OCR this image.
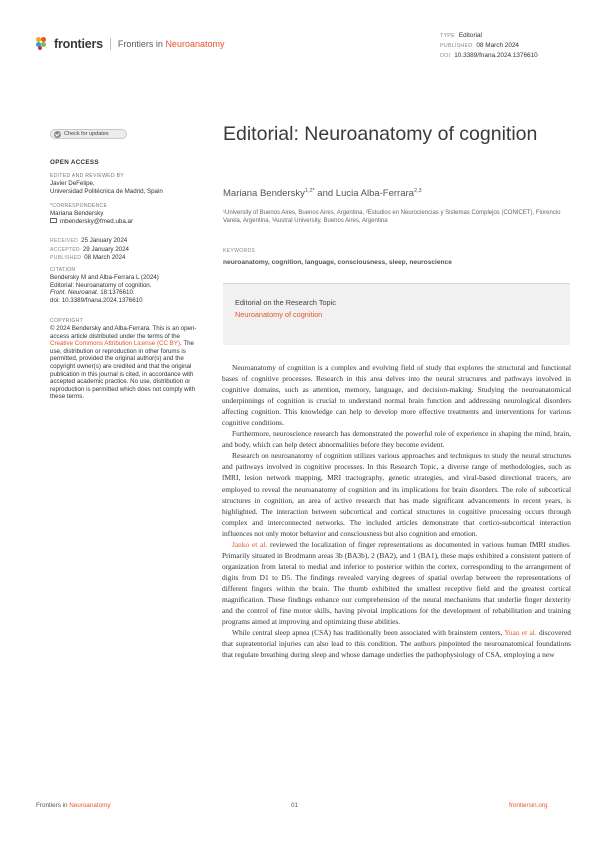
frontiers Frontiers in Neuroanatomy
TYPE Editorial
PUBLISHED 08 March 2024
DOI 10.3389/fnana.2024.1376610
Check for updates
OPEN ACCESS
EDITED AND REVIEWED BY
Javier DeFelipe,
Universidad Politécnica de Madrid, Spain
*CORRESPONDENCE
Mariana Bendersky
mbendersky@fmed.uba.ar
RECEIVED 25 January 2024
ACCEPTED 29 January 2024
PUBLISHED 08 March 2024
CITATION
Bendersky M and Alba-Ferrara L (2024)
Editorial: Neuroanatomy of cognition.
Front. Neuroanat. 18:1376610.
doi: 10.3389/fnana.2024.1376610
COPYRIGHT
© 2024 Bendersky and Alba-Ferrara. This is an open-access article distributed under the terms of the Creative Commons Attribution License (CC BY). The use, distribution or reproduction in other forums is permitted, provided the original author(s) and the copyright owner(s) are credited and that the original publication in this journal is cited, in accordance with accepted academic practice. No use, distribution or reproduction is permitted which does not comply with these terms.
Editorial: Neuroanatomy of cognition
Mariana Bendersky$^{1,2*}$ and Lucia Alba-Ferrara$^{2,3}$
¹University of Buenos Aires, Buenos Aires, Argentina, ²Estudios en Neurociencias y Sistemas Complejos (CONICET), Florencio Varela, Argentina, ³Austral University, Buenos Aires, Argentina
KEYWORDS
neuroanatomy, cognition, language, consciousness, sleep, neuroscience
Editorial on the Research Topic
Neuroanatomy of cognition

Neuroanatomy of cognition is a complex and evolving field of study that explores the structural and functional bases of cognitive processes. Research in this area delves into the neural structures and pathways involved in cognitive domains, such as attention, memory, language, and decision-making. Studying the neuroanatomical underpinnings of cognition is crucial to understand normal brain function and addressing neurological disorders affecting cognition. This knowledge can help to develop more effective treatments and interventions for various cognitive conditions.

Furthermore, neuroscience research has demonstrated the powerful role of experience in shaping the mind, brain, and body, which can help detect abnormalities before they become evident.

Research on neuroanatomy of cognition utilizes various approaches and techniques to study the neural structures and pathways involved in cognitive processes. In this Research Topic, a diverse range of methodologies, such as fMRI, lesion network mapping, MRI tractography, genetic strategies, and viral-based directional tracers, are employed to reveal the neuroanatomy of cognition and its implications for brain disorders. The role of subcortical structures in cognition, an area of active research that has made significant advancements in recent years, is highlighted. The interaction between subcortical and cortical structures in cognitive processing occurs through complex and interconnected networks. The included articles demonstrate that cortico-subcortical interaction influences not only motor behavior and consciousness but also cognition and emotion.

Janko et al. reviewed the localization of finger representations as documented in various human fMRI studies. Primarily situated in Brodmann areas 3b (BA3b), 2 (BA2), and 1 (BA1), these maps exhibited a consistent pattern of organization from lateral to medial and inferior to posterior within the cortex, corresponding to the arrangement of digits from D1 to D5. The findings revealed varying degrees of spatial overlap between the representations of different fingers within the brain. The thumb exhibited the smallest receptive field and the greatest cortical magnification. These findings enhance our comprehension of the neural mechanisms that underlie finger dexterity and the control of fine motor skills, having pivotal implications for the development of rehabilitation and training programs aimed at improving and optimizing these abilities.

While central sleep apnea (CSA) has traditionally been associated with brainstem centers, Yuan et al. discovered that supratentorial injuries can also lead to this condition. The authors pinpointed the neuroanatomical foundations that regulate breathing during sleep and whose damage underlies the pathophysiology of CSA, employing a new

Frontiers in Neuroanatomy	01	frontiersin.org
